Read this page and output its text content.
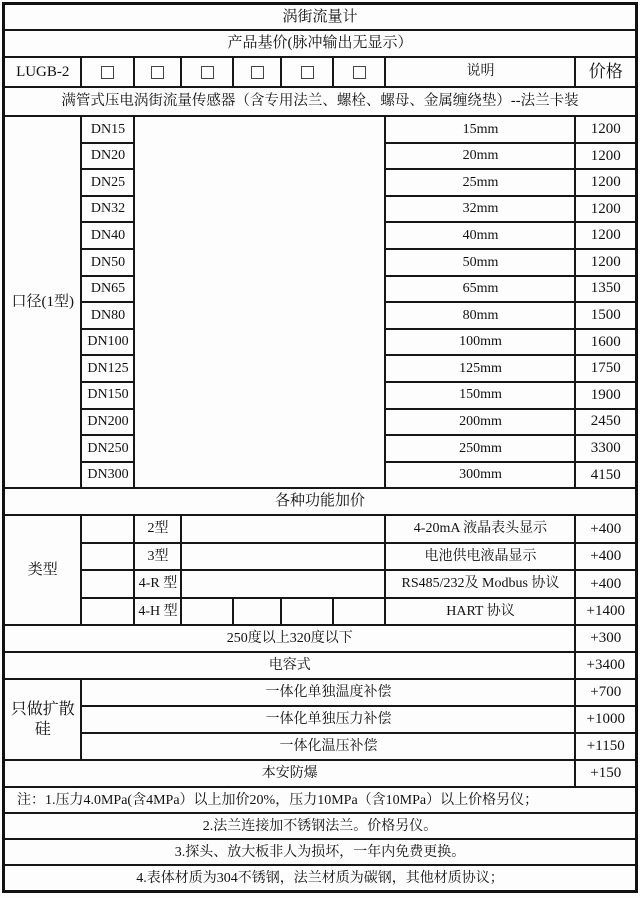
涡街流量计								
产品基价(脉冲输出无显示）								
LUGB-2							说明	价格
满管式压电涡街流量传感器（含专用法兰、螺栓、螺母、金属缠绕垫）--法兰卡装								
口径(1型)	DN15						15mm	1200
	DN20						20mm	1200
	DN25						25mm	1200
	DN32						32mm	1200
	DN40						40mm	1200
	DN50						50mm	1200
	DN65						65mm	1350
	DN80						80mm	1500
	DN100						100mm	1600
	DN125						125mm	1750
	DN150						150mm	1900
	DN200						200mm	2450
	DN250						250mm	3300
	DN300						300mm	4150
各种功能加价								
类型		2型					4-20mA 液晶表头显示	+400
		3型					电池供电液晶显示	+400
		4-R 型					RS485/232及 Modbus 协议	+400
		4-H 型					HART 协议	+1400
250度以上320度以下								+300
电容式								+3400

只做扩散硅	一体化单独温度补偿							+700
	一体化单独压力补偿							+1000
	一体化温压补偿							+1150
本安防爆								+150
注：1.压力4.0MPa(含4MPa）以上加价20%，压力10MPa（含10MPa）以上价格另仪；								
2.法兰连接加不锈钢法兰。价格另仪。								
3.探头、放大板非人为损坏，一年内免费更换。								
4.表体材质为304不锈钢，法兰材质为碳钢，其他材质协议；								
